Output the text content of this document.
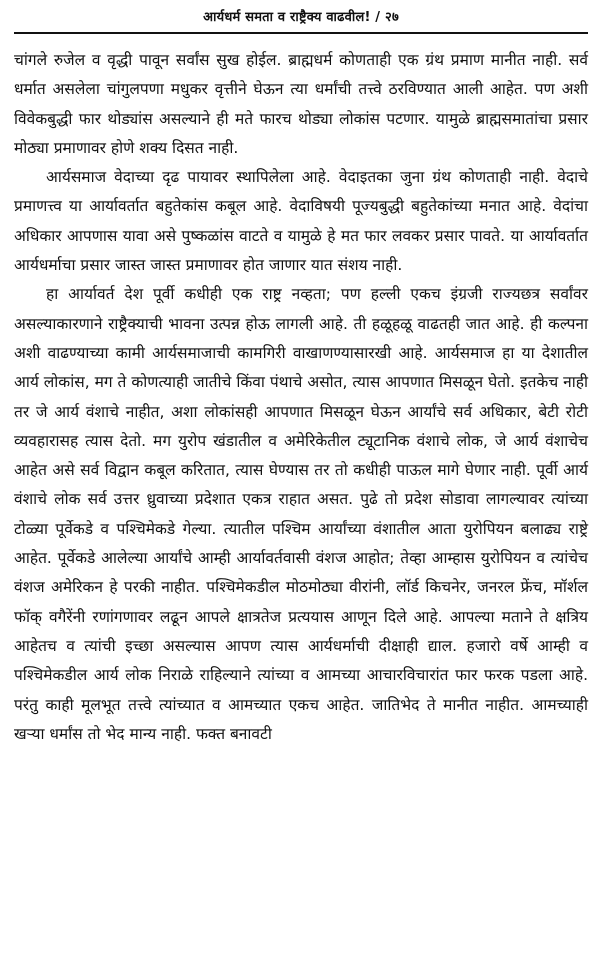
आर्यधर्म समता व राष्ट्रैक्य वाढवील! / २७

चांगले रुजेल व वृद्धी पावून सर्वांस सुख होईल. ब्राह्मधर्म कोणताही एक ग्रंथ प्रमाण मानीत नाही. सर्व धर्मात असलेला चांगुलपणा मधुकर वृत्तीने घेऊन त्या धर्मांची तत्त्वे ठरविण्यात आली आहेत. पण अशी विवेकबुद्धी फार थोड्यांस असल्याने ही मते फारच थोड्या लोकांस पटणार. यामुळे ब्राह्मसमातांचा प्रसार मोठ्या प्रमाणावर होणे शक्य दिसत नाही.

आर्यसमाज वेदाच्या दृढ पायावर स्थापिलेला आहे. वेदाइतका जुना ग्रंथ कोणताही नाही. वेदाचे प्रमाणत्त्व या आर्यावर्तात बहुतेकांस कबूल आहे. वेदाविषयी पूज्यबुद्धी बहुतेकांच्या मनात आहे. वेदांचा अधिकार आपणास यावा असे पुष्कळांस वाटते व यामुळे हे मत फार लवकर प्रसार पावते. या आर्यावर्तात आर्यधर्माचा प्रसार जास्त जास्त प्रमाणावर होत जाणार यात संशय नाही.

हा आर्यावर्त देश पूर्वी कधीही एक राष्ट्र नव्हता; पण हल्ली एकच इंग्रजी राज्यछत्र सर्वांवर असल्याकारणाने राष्ट्रैक्याची भावना उत्पन्न होऊ लागली आहे. ती हळूहळू वाढतही जात आहे. ही कल्पना अशी वाढण्याच्या कामी आर्यसमाजाची कामगिरी वाखाणण्यासारखी आहे. आर्यसमाज हा या देशातील आर्य लोकांस, मग ते कोणत्याही जातीचे किंवा पंथाचे असोत, त्यास आपणात मिसळून घेतो. इतकेच नाही तर जे आर्य वंशाचे नाहीत, अशा लोकांसही आपणात मिसळून घेऊन आर्यांचे सर्व अधिकार, बेटी रोटी व्यवहारासह त्यास देतो. मग युरोप खंडातील व अमेरिकेतील ट्यूटानिक वंशाचे लोक, जे आर्य वंशाचेच आहेत असे सर्व विद्वान कबूल करितात, त्यास घेण्यास तर तो कधीही पाऊल मागे घेणार नाही. पूर्वी आर्य वंशाचे लोक सर्व उत्तर ध्रुवाच्या प्रदेशात एकत्र राहात असत. पुढे तो प्रदेश सोडावा लागल्यावर त्यांच्या टोळ्या पूर्वेकडे व पश्चिमेकडे गेल्या. त्यातील पश्चिम आर्यांच्या वंशातील आता युरोपियन बलाढ्य राष्ट्रे आहेत. पूर्वेकडे आलेल्या आर्यांचे आम्ही आर्यावर्तवासी वंशज आहोत; तेव्हा आम्हास युरोपियन व त्यांचेच वंशज अमेरिकन हे परकी नाहीत. पश्चिमेकडील मोठमोठ्या वीरांनी, लॉर्ड किचनेर, जनरल फ्रेंच, मॉर्शल फॉक् वगैरेंनी रणांगणावर लढून आपले क्षात्रतेज प्रत्ययास आणून दिले आहे. आपल्या मताने ते क्षत्रिय आहेतच व त्यांची इच्छा असल्यास आपण त्यास आर्यधर्माची दीक्षाही द्याल. हजारो वर्षे आम्ही व पश्चिमेकडील आर्य लोक निराळे राहिल्याने त्यांच्या व आमच्या आचारविचारांत फार फरक पडला आहे. परंतु काही मूलभूत तत्त्वे त्यांच्यात व आमच्यात एकच आहेत. जातिभेद ते मानीत नाहीत. आमच्याही खऱ्या धर्मांस तो भेद मान्य नाही. फक्त बनावटी
